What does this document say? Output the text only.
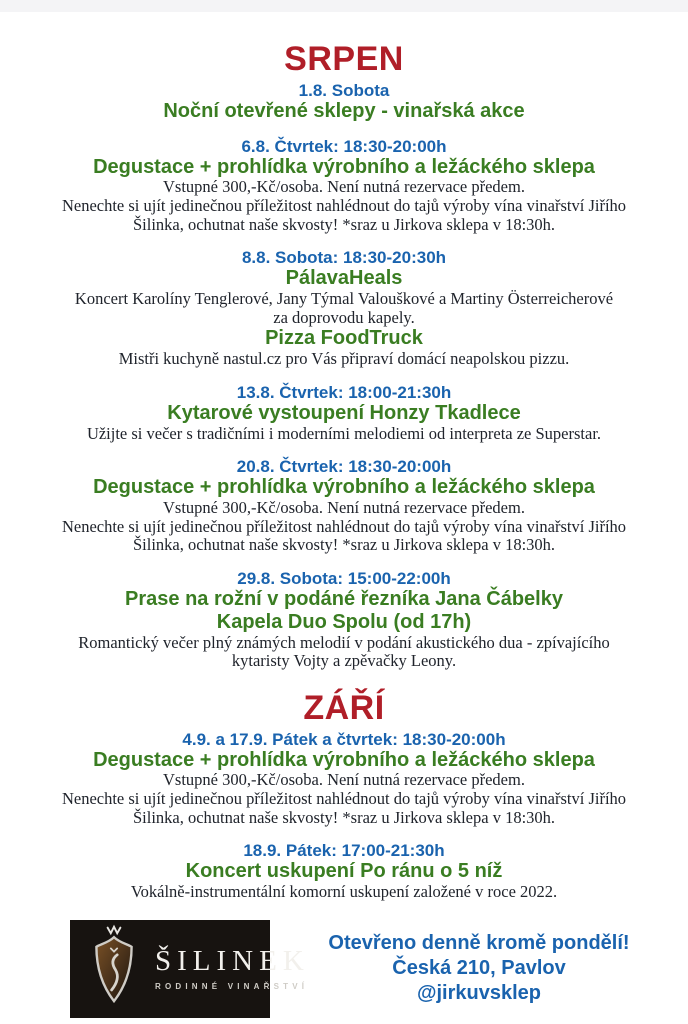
SRPEN
1.8. Sobota
Noční otevřené sklepy - vinařská akce
6.8. Čtvrtek: 18:30-20:00h
Degustace + prohlídka výrobního a ležáckého sklepa
Vstupné 300,-Kč/osoba. Není nutná rezervace předem.
Nenechte si ujít jedinečnou příležitost nahlédnout do tajů výroby vína vinařství Jiřího
Šilinka, ochutnat naše skvosty! *sraz u Jirkova sklepa v 18:30h.
8.8. Sobota: 18:30-20:30h
PálavaHeals
Koncert Karolíny Tenglerové, Jany Týmal Valouškové a Martiny Österreicherové
za doprovodu kapely.
Pizza FoodTruck
Mistři kuchyně nastul.cz pro Vás připraví domácí neapolskou pizzu.
13.8. Čtvrtek: 18:00-21:30h
Kytarové vystoupení Honzy Tkadlece
Užijte si večer s tradičními i moderními melodiemi od interpreta ze Superstar.
20.8. Čtvrtek: 18:30-20:00h
Degustace + prohlídka výrobního a ležáckého sklepa
Vstupné 300,-Kč/osoba. Není nutná rezervace předem.
Nenechte si ujít jedinečnou příležitost nahlédnout do tajů výroby vína vinařství Jiřího
Šilinka, ochutnat naše skvosty! *sraz u Jirkova sklepa v 18:30h.
29.8. Sobota: 15:00-22:00h
Prase na rožní v podáné řezníka Jana Čábelky
Kapela Duo Spolu (od 17h)
Romantický večer plný známých melodií v podání akustického dua - zpívajícího
kytaristy Vojty a zpěvačky Leony.
ZÁŘÍ
4.9. a 17.9. Pátek a čtvrtek: 18:30-20:00h
Degustace + prohlídka výrobního a ležáckého sklepa
Vstupné 300,-Kč/osoba. Není nutná rezervace předem.
Nenechte si ujít jedinečnou příležitost nahlédnout do tajů výroby vína vinařství Jiřího
Šilinka, ochutnat naše skvosty! *sraz u Jirkova sklepa v 18:30h.
18.9. Pátek: 17:00-21:30h
Koncert uskupení Po ránu o 5 níž
Vokálně-instrumentální komorní uskupení založené v roce 2022.
ŠILINEK
RODINNÉ VINAŘSTVÍ
Otevřeno denně kromě pondělí!
Česká 210, Pavlov
@jirkuvsklep
